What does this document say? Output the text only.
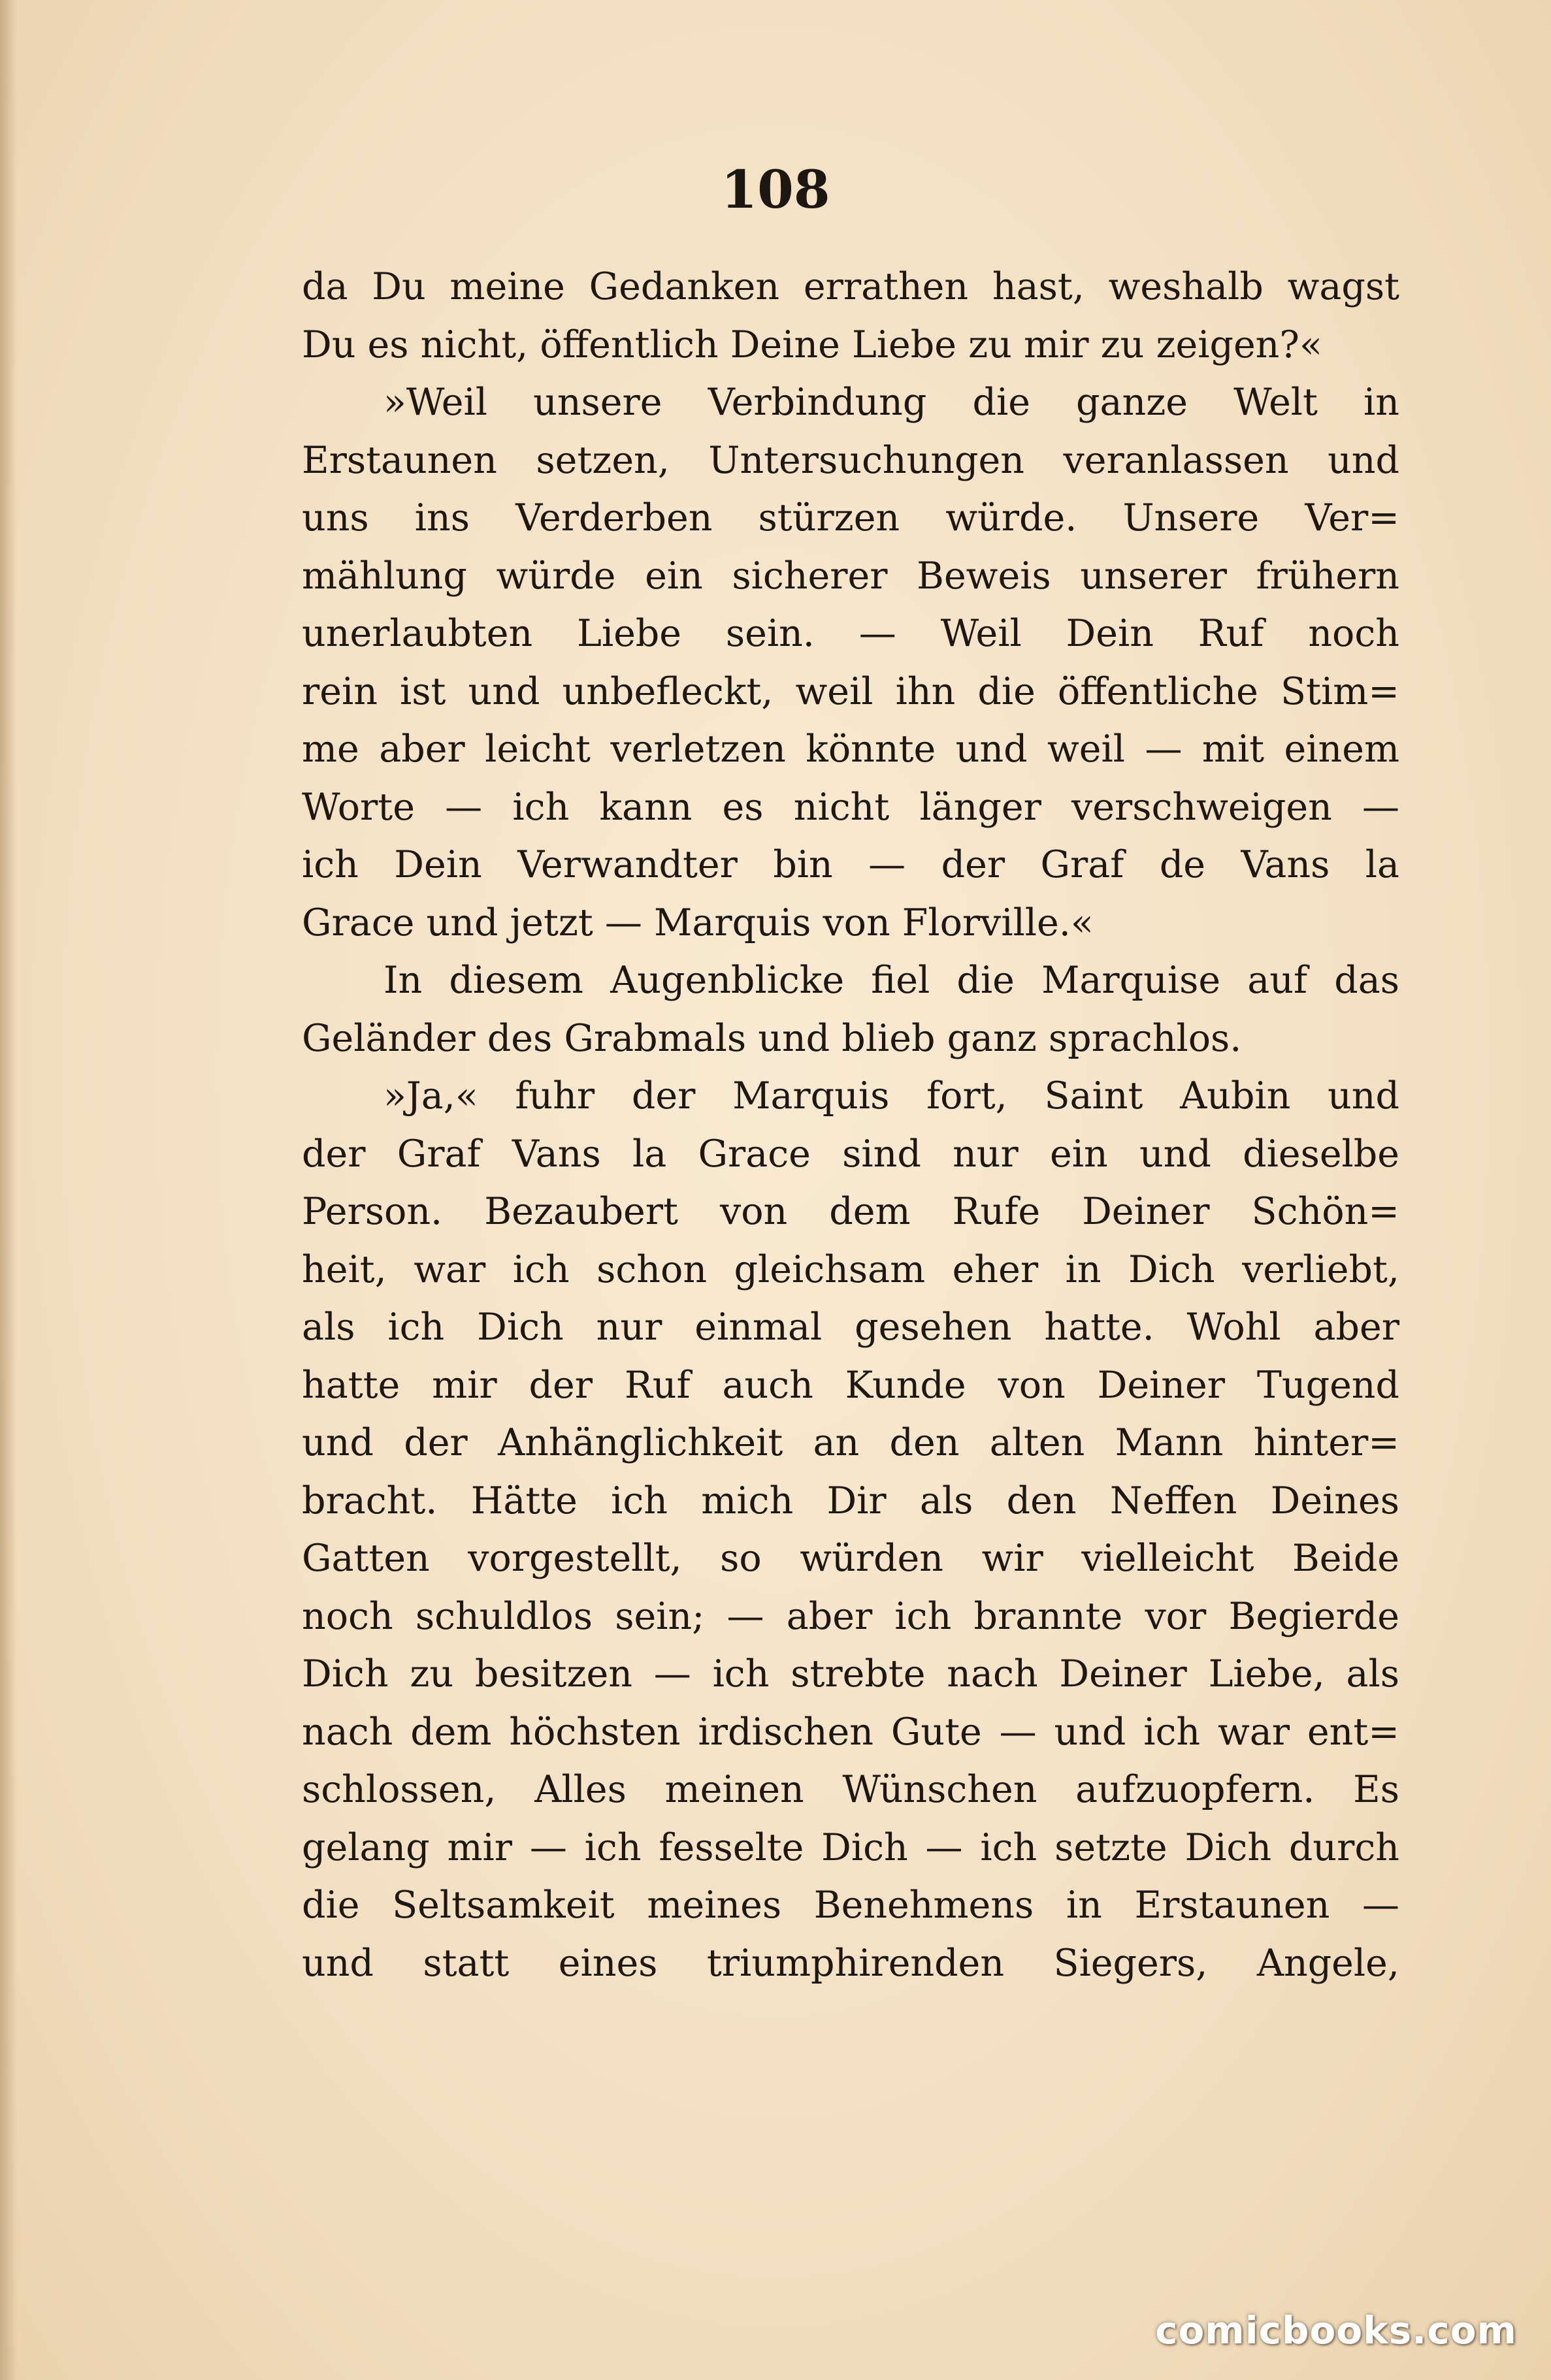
108

da Du meine Gedanken errathen hast, weshalb wagst

Du es nicht, öffentlich Deine Liebe zu mir zu zeigen?«

»Weil unsere Verbindung die ganze Welt in

Erstaunen setzen, Untersuchungen veranlassen und

uns ins Verderben stürzen würde. Unsere Ver=

mählung würde ein sicherer Beweis unserer frühern

unerlaubten Liebe sein. — Weil Dein Ruf noch

rein ist und unbefleckt, weil ihn die öffentliche Stim=

me aber leicht verletzen könnte und weil — mit einem

Worte — ich kann es nicht länger verschweigen —

ich Dein Verwandter bin — der Graf de Vans la

Grace und jetzt — Marquis von Florville.«

In diesem Augenblicke fiel die Marquise auf das

Geländer des Grabmals und blieb ganz sprachlos.

»Ja,« fuhr der Marquis fort, Saint Aubin und

der Graf Vans la Grace sind nur ein und dieselbe

Person. Bezaubert von dem Rufe Deiner Schön=

heit, war ich schon gleichsam eher in Dich verliebt,

als ich Dich nur einmal gesehen hatte. Wohl aber

hatte mir der Ruf auch Kunde von Deiner Tugend

und der Anhänglichkeit an den alten Mann hinter=

bracht. Hätte ich mich Dir als den Neffen Deines

Gatten vorgestellt, so würden wir vielleicht Beide

noch schuldlos sein; — aber ich brannte vor Begierde

Dich zu besitzen — ich strebte nach Deiner Liebe, als

nach dem höchsten irdischen Gute — und ich war ent=

schlossen, Alles meinen Wünschen aufzuopfern. Es

gelang mir — ich fesselte Dich — ich setzte Dich durch

die Seltsamkeit meines Benehmens in Erstaunen —

und statt eines triumphirenden Siegers, Angele,

comicbooks.com
